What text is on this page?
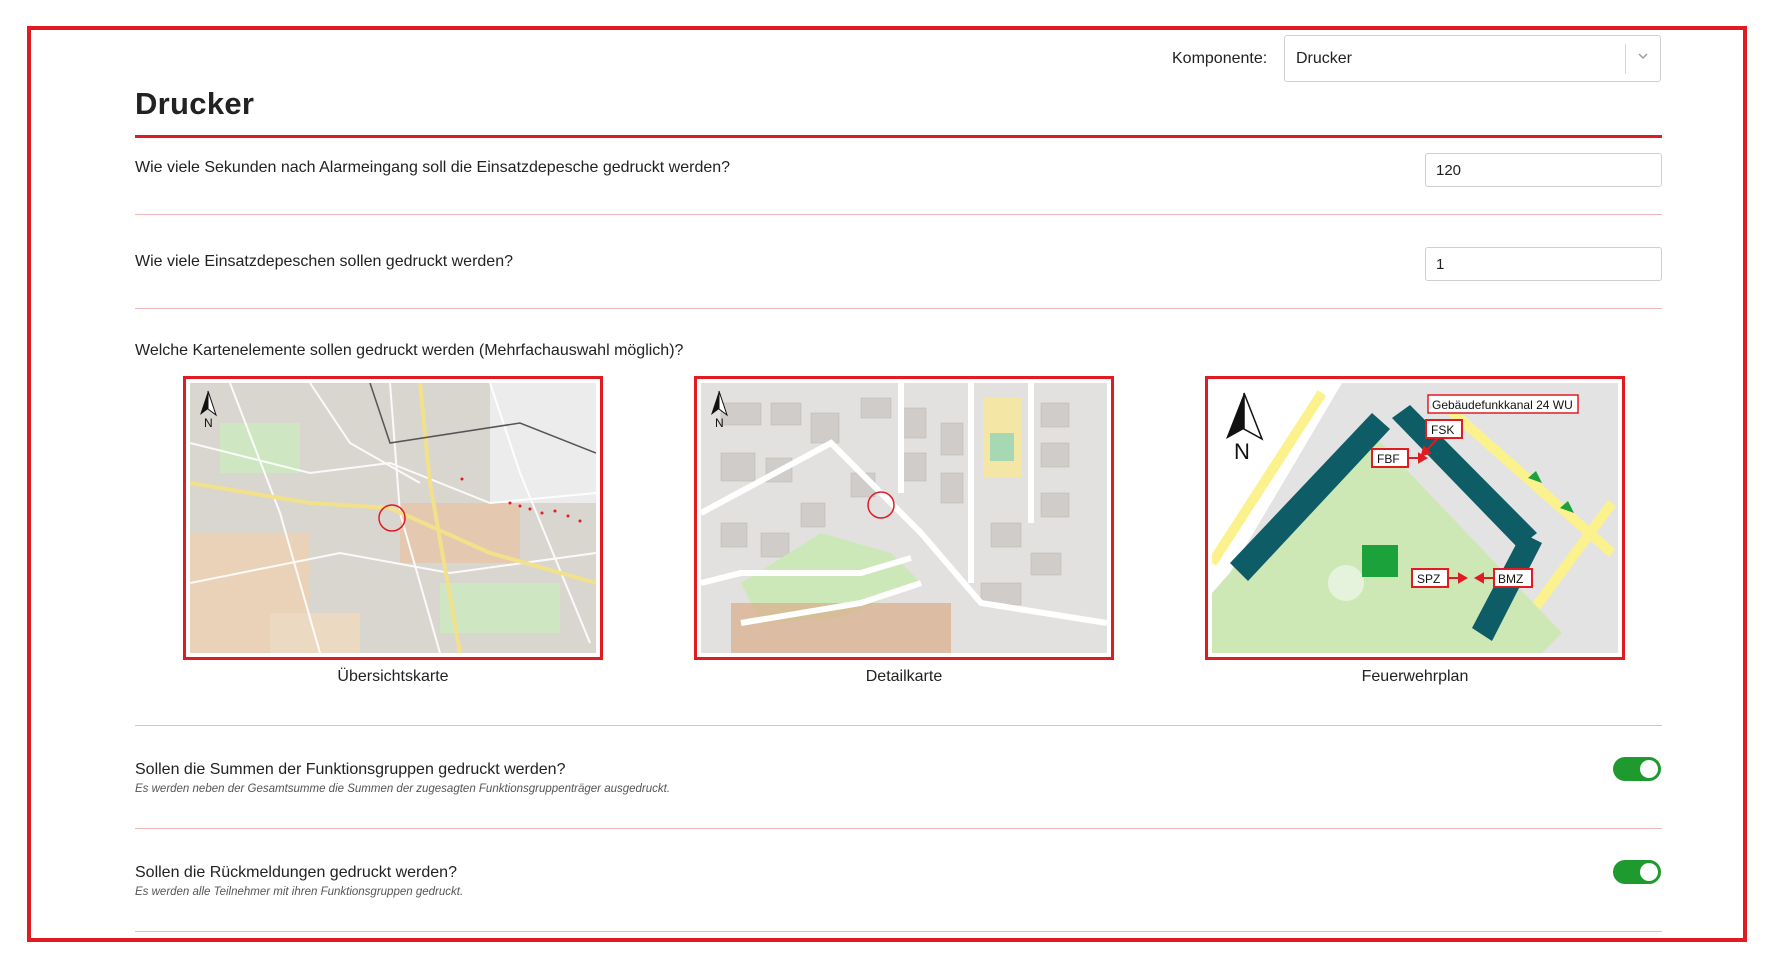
Komponente: Drucker
Drucker
Wie viele Sekunden nach Alarmeingang soll die Einsatzdepesche gedruckt werden?
120
Wie viele Einsatzdepeschen sollen gedruckt werden?
1
Welche Kartenelemente sollen gedruckt werden (Mehrfachauswahl möglich)?
N
Übersichtskarte
N
Detailkarte
Gebäudefunkkanal 24 WU
FSK
FBF
SPZ	BMZ
N
Feuerwehrplan
Sollen die Summen der Funktionsgruppen gedruckt werden?
Es werden neben der Gesamtsumme die Summen der zugesagten Funktionsgruppenträger ausgedruckt.
Sollen die Rückmeldungen gedruckt werden?
Es werden alle Teilnehmer mit ihren Funktionsgruppen gedruckt.
